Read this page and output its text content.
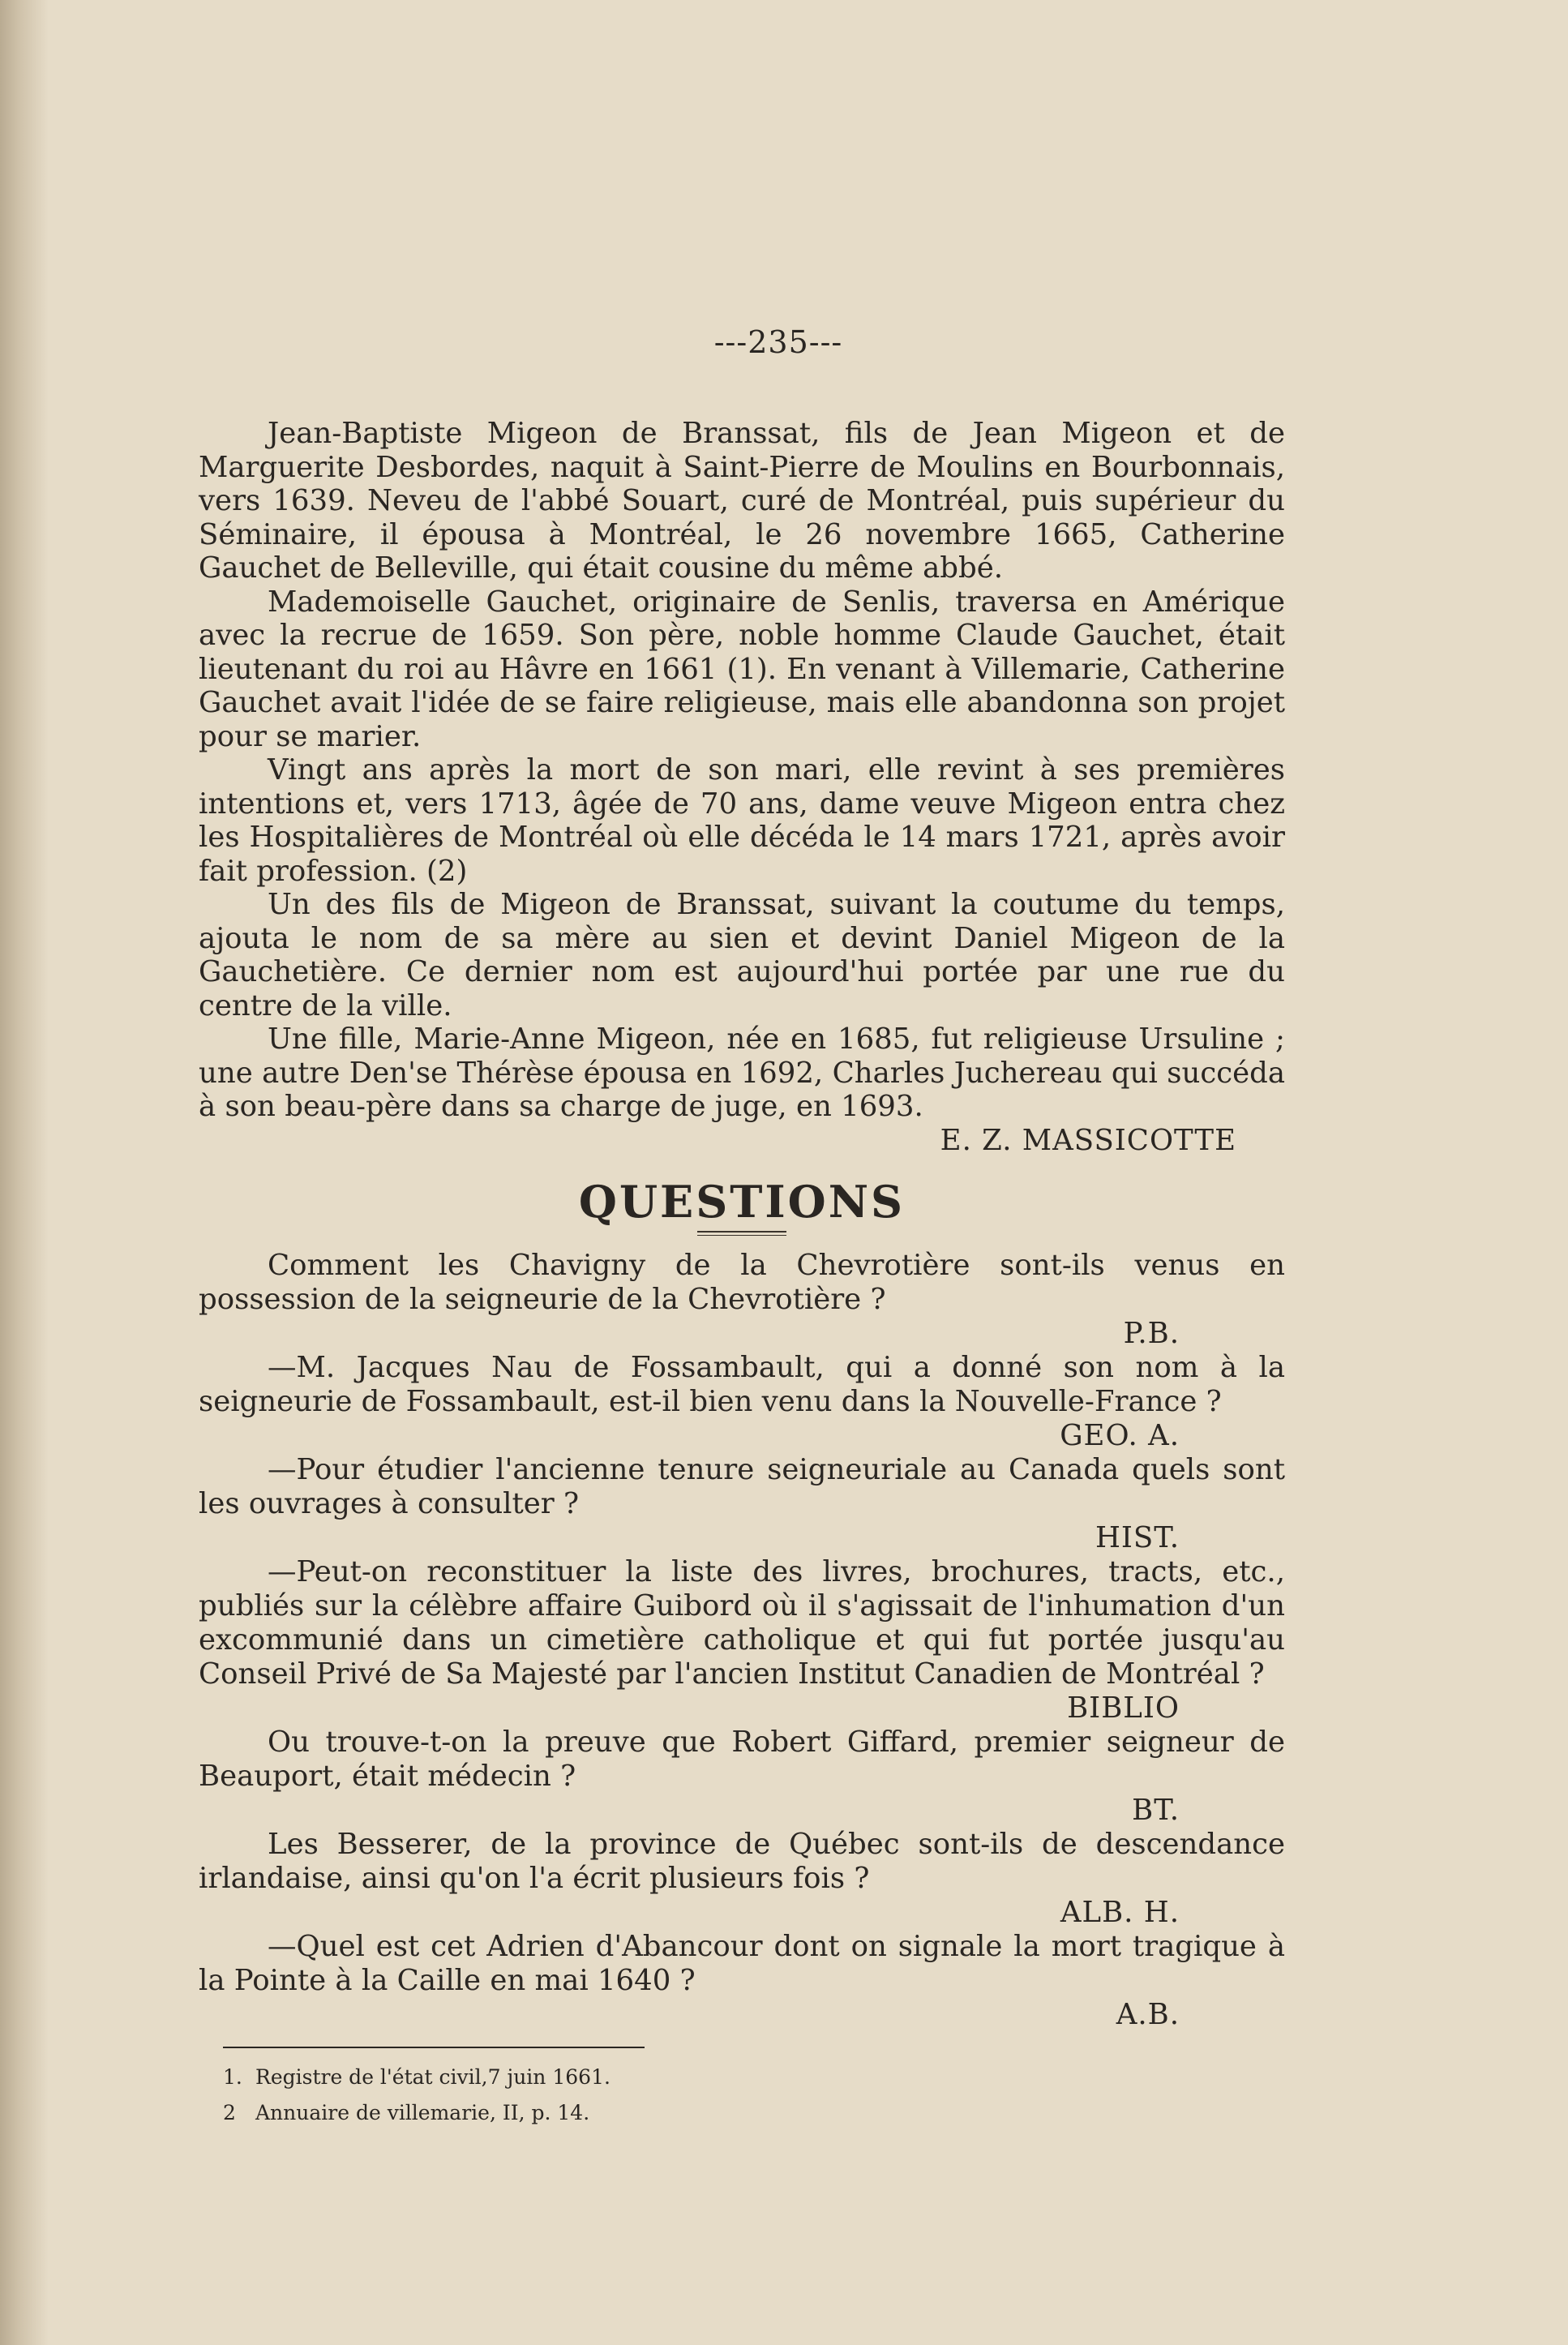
---235---

Jean-Baptiste Migeon de Branssat, fils de Jean Migeon et de Marguerite Desbordes, naquit à Saint-Pierre de Moulins en Bourbonnais, vers 1639. Neveu de l'abbé Souart, curé de Montréal, puis supérieur du Séminaire, il épousa à Montréal, le 26 novembre 1665, Catherine Gauchet de Belleville, qui était cousine du même abbé.

Mademoiselle Gauchet, originaire de Senlis, traversa en Amérique avec la recrue de 1659. Son père, noble homme Claude Gauchet, était lieutenant du roi au Hâvre en 1661 (1). En venant à Villemarie, Catherine Gauchet avait l'idée de se faire religieuse, mais elle abandonna son projet pour se marier.

Vingt ans après la mort de son mari, elle revint à ses premières intentions et, vers 1713, âgée de 70 ans, dame veuve Migeon entra chez les Hospitalières de Montréal où elle décéda le 14 mars 1721, après avoir fait profession. (2)

Un des fils de Migeon de Branssat, suivant la coutume du temps, ajouta le nom de sa mère au sien et devint Daniel Migeon de la Gauchetière. Ce dernier nom est aujourd'hui portée par une rue du centre de la ville.

Une fille, Marie-Anne Migeon, née en 1685, fut religieuse Ursuline ; une autre Den'se Thérèse épousa en 1692, Charles Juchereau qui succéda à son beau-père dans sa charge de juge, en 1693.

E. Z. MASSICOTTE
QUESTIONS

Comment les Chavigny de la Chevrotière sont-ils venus en possession de la seigneurie de la Chevrotière ?
P.B.

—M. Jacques Nau de Fossambault, qui a donné son nom à la seigneurie de Fossambault, est-il bien venu dans la Nouvelle-France ?
GEO. A.

—Pour étudier l'ancienne tenure seigneuriale au Canada quels sont les ouvrages à consulter ?
HIST.

—Peut-on reconstituer la liste des livres, brochures, tracts, etc., publiés sur la célèbre affaire Guibord où il s'agissait de l'inhumation d'un excommunié dans un cimetière catholique et qui fut portée jusqu'au Conseil Privé de Sa Majesté par l'ancien Institut Canadien de Montréal ?
BIBLIO

Ou trouve-t-on la preuve que Robert Giffard, premier seigneur de Beauport, était médecin ?
BT.

Les Besserer, de la province de Québec sont-ils de descendance irlandaise, ainsi qu'on l'a écrit plusieurs fois ?
ALB. H.

—Quel est cet Adrien d'Abancour dont on signale la mort tragique à la Pointe à la Caille en mai 1640 ?
A.B.

1. Registre de l'état civil,7 juin 1661.
2 Annuaire de villemarie, II, p. 14.
